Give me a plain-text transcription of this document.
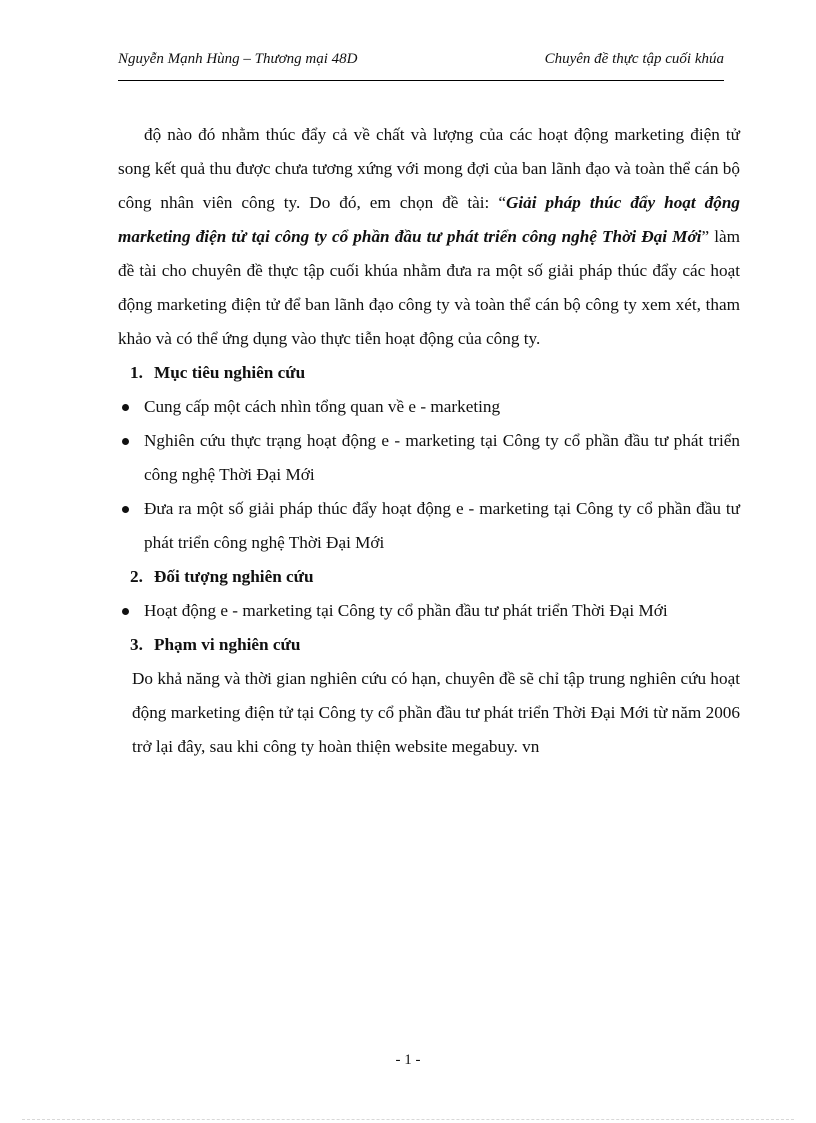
Nguyễn Mạnh Hùng – Thương mại 48D	Chuyên đề thực tập cuối khúa

độ nào đó nhằm thúc đẩy cả về chất và lượng của các hoạt động marketing điện tử song kết quả thu được chưa tương xứng với mong đợi của ban lãnh đạo và toàn thể cán bộ công nhân viên công ty. Do đó, em chọn đề tài: “Giải pháp thúc đẩy hoạt động marketing điện tử tại công ty cổ phần đầu tư phát triển công nghệ Thời Đại Mới” làm đề tài cho chuyên đề thực tập cuối khúa nhằm đưa ra một số giải pháp thúc đẩy các hoạt động marketing điện tử để ban lãnh đạo công ty và toàn thể cán bộ công ty xem xét, tham khảo và có thể ứng dụng vào thực tiễn hoạt động của công ty.

1. Mục tiêu nghiên cứu

Cung cấp một cách nhìn tổng quan về e - marketing
Nghiên cứu thực trạng hoạt động e - marketing tại Công ty cổ phần đầu tư phát triển công nghệ Thời Đại Mới
Đưa ra một số giải pháp thúc đẩy hoạt động e - marketing tại Công ty cổ phần đầu tư phát triển công nghệ Thời Đại Mới

2. Đối tượng nghiên cứu

Hoạt động e - marketing tại Công ty cổ phần đầu tư phát triển Thời Đại Mới

3. Phạm vi nghiên cứu

Do khả năng và thời gian nghiên cứu có hạn, chuyên đề sẽ chỉ tập trung nghiên cứu hoạt động marketing điện tử tại Công ty cổ phần đầu tư phát triển Thời Đại Mới từ năm 2006 trở lại đây, sau khi công ty hoàn thiện website megabuy. vn

- 1 -
